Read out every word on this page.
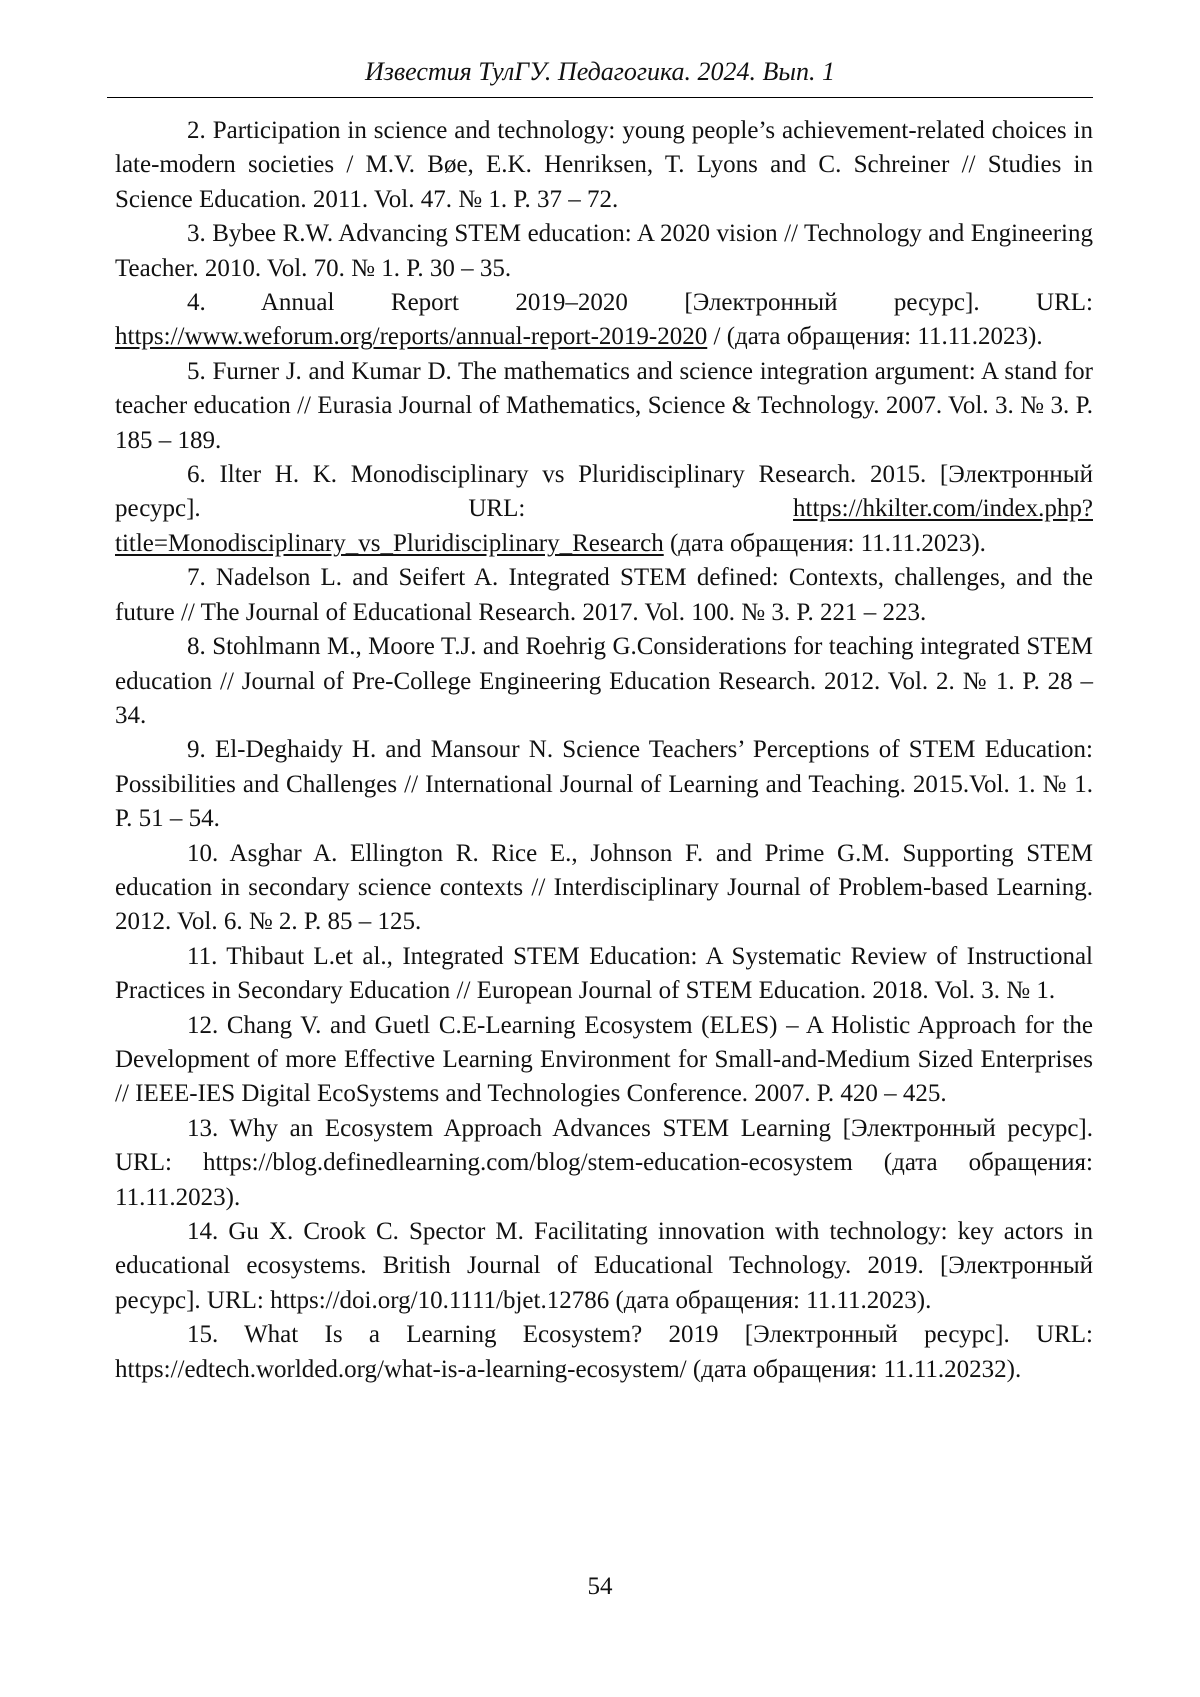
Известия ТулГУ. Педагогика. 2024. Вып. 1

2. Participation in science and technology: young people’s achievement-related choices in late-modern societies / M.V. Bøe, E.K. Henriksen, T. Lyons and C. Schreiner // Studies in Science Education. 2011. Vol. 47. № 1. P. 37 – 72.

3. Bybee R.W. Advancing STEM education: A 2020 vision // Technology and Engineering Teacher. 2010. Vol. 70. № 1. P. 30 – 35.

4. Annual Report 2019–2020 [Электронный ресурс]. URL: https://www.weforum.org/reports/annual-report-2019-2020 / (дата обращения: 11.11.2023).

5. Furner J. and Kumar D. The mathematics and science integration argument: A stand for teacher education // Eurasia Journal of Mathematics, Science & Technology. 2007. Vol. 3. № 3. P. 185 – 189.

6. Ilter H. K. Monodisciplinary vs Pluridisciplinary Research. 2015. [Электронный ресурс]. URL: https://hkilter.com/index.php?title=Monodisciplinary_vs_Pluridisciplinary_Research (дата обращения: 11.11.2023).

7. Nadelson L. and Seifert A. Integrated STEM defined: Contexts, challenges, and the future // The Journal of Educational Research. 2017. Vol. 100. № 3. P. 221 – 223.

8. Stohlmann M., Moore T.J. and Roehrig G.Considerations for teaching integrated STEM education // Journal of Pre-College Engineering Education Research. 2012. Vol. 2. № 1. P. 28 – 34.

9. El-Deghaidy H. and Mansour N. Science Teachers’ Perceptions of STEM Education: Possibilities and Challenges // International Journal of Learning and Teaching. 2015.Vol. 1. № 1. P. 51 – 54.

10. Asghar A. Ellington R. Rice E., Johnson F. and Prime G.M. Supporting STEM education in secondary science contexts // Interdisciplinary Journal of Problem-based Learning. 2012. Vol. 6. № 2. P. 85 – 125.

11. Thibaut L.et al., Integrated STEM Education: A Systematic Review of Instructional Practices in Secondary Education // European Journal of STEM Education. 2018. Vol. 3. № 1.

12. Chang V. and Guetl C.E-Learning Ecosystem (ELES) – A Holistic Approach for the Development of more Effective Learning Environment for Small-and-Medium Sized Enterprises // IEEE-IES Digital EcoSystems and Technologies Conference. 2007. P. 420 – 425.

13. Why an Ecosystem Approach Advances STEM Learning [Электронный ресурс]. URL: https://blog.definedlearning.com/blog/stem-education-ecosystem (дата обращения: 11.11.2023).

14. Gu X. Crook C. Spector M. Facilitating innovation with technology: key actors in educational ecosystems. British Journal of Educational Technology. 2019. [Электронный ресурс]. URL: https://doi.org/10.1111/bjet.12786 (дата обращения: 11.11.2023).

15. What Is a Learning Ecosystem? 2019 [Электронный ресурс]. URL: https://edtech.worlded.org/what-is-a-learning-ecosystem/ (дата обращения: 11.11.20232).

54
